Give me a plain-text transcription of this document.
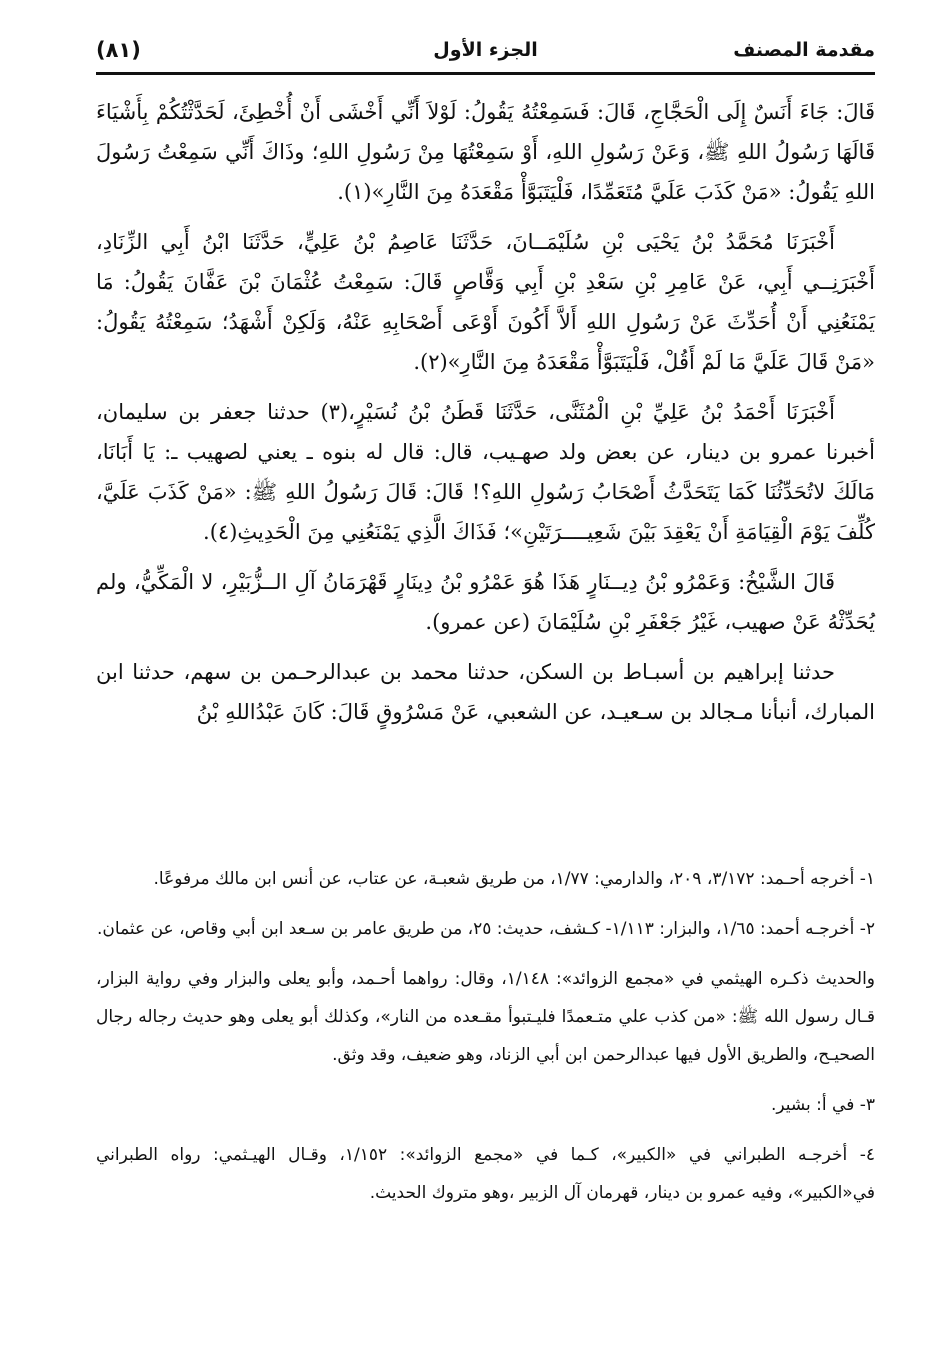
مقدمة المصنف
الجزء الأول
(٨١)

قَالَ: جَاءَ أَنَسٌ إِلَى الْحَجَّاجِ، قَالَ: فَسَمِعْتُهُ يَقُولُ: لَوْلاَ أَنِّي أَخْشَى أَنْ أُخْطِئَ، لَحَدَّثْتُكُمْ بِأَشْيَاءَ قَالَهَا رَسُولُ اللهِ ﷺ، وَعَنْ رَسُولِ اللهِ، أَوْ سَمِعْتُهَا مِنْ رَسُولِ اللهِ؛ وذَاكَ أَنِّي سَمِعْتُ رَسُولَ اللهِ يَقُولُ: «مَنْ كَذَبَ عَلَيَّ مُتَعَمِّدًا، فَلْيَتَبَوَّأْ مَقْعَدَهُ مِنَ النَّارِ»(١).

أَخْبَرَنَا مُحَمَّدُ بْنُ يَحْيَى بْنِ سُلَيْمَــانَ، حَدَّثَنَا عَاصِمُ بْنُ عَلِيٍّ، حَدَّثَنَا ابْنُ أَبِي الزِّنَادِ، أَخْبَرَنِــي أَبِي، عَنْ عَامِرِ بْنِ سَعْدِ بْنِ أَبِي وَقَّاصٍ قَالَ: سَمِعْتُ عُثْمَانَ بْنَ عَفَّانَ يَقُولُ: مَا يَمْنَعُنِي أَنْ أُحَدِّثَ عَنْ رَسُولِ اللهِ أَلاَّ أَكُونَ أَوْعَى أَصْحَابِهِ عَنْهُ، وَلَكِنْ أَشْهَدُ؛ سَمِعْتُهُ يَقُولُ: «مَنْ قَالَ عَلَيَّ مَا لَمْ أَقُلْ، فَلْيَتَبَوَّأْ مَقْعَدَهُ مِنَ النَّارِ»(٢).

أَخْبَرَنَا أَحْمَدُ بْنُ عَلِيِّ بْنِ الْمُثَنَّى، حَدَّثَنَا قَطَنُ بْنُ نُسَيْرٍ،(٣) حدثنا جعفر بن سليمان، أخبرنا عمرو بن دينار، عن بعض ولد صهـيب، قال: قال له بنوه ـ يعني لصهيب ـ: يَا أَبَانَا، مَالَكَ لاتُحَدِّثُنَا كَمَا يَتَحَدَّثُ أَصْحَابُ رَسُولِ اللهِ؟! قَالَ: قَالَ رَسُولُ اللهِ ﷺ: «مَنْ كَذَبَ عَلَيَّ، كُلِّفَ يَوْمَ الْقِيَامَةِ أَنْ يَعْقِدَ بَيْنَ شَعِيــــرَتَيْنِ»؛ فَذَاكَ الَّذِي يَمْنَعُنِي مِنَ الْحَدِيثِ(٤).

قَالَ الشَّيْخُ: وَعَمْرُو بْنُ دِيــنَارٍ هَذَا هُوَ عَمْرُو بْنُ دِينَارٍ قَهْرَمَانُ آلِ الــزُّبَيْرِ، لا الْمَكِّيُّ، ولم يُحَدِّثْهُ عَنْ صهيب، غَيْرُ جَعْفَرِ بْنِ سُلَيْمَانَ (عن عمرو).

حدثنا إبراهيم بن أسبـاط بن السكن، حدثنا محمد بن عبدالرحـمن بن سهم، حدثنا ابن المبارك، أنبأنا مـجالد بن سـعيـد، عن الشعبي، عَنْ مَسْرُوقٍ قَالَ: كَانَ عَبْدُاللهِ بْنُ

١- أخرجه أحـمد: ٣/١٧٢، ٢٠٩، والدارمي: ١/٧٧، من طريق شعبـة، عن عتاب، عن أنس ابن مالك مرفوعًا.

٢- أخرجـه أحمد: ١/٦٥، والبزار: ١/١١٣- كـشف، حديث: ٢٥، من طريق عامر بن سـعد ابن أبي وقاص، عن عثمان.

والحديث ذكـره الهيثمي في «مجمع الزوائد»: ١/١٤٨، وقال: رواهما أحـمد، وأبو يعلى والبزار وفي رواية البزار، قـال رسول الله ﷺ: «من كذب علي متـعمدًا فليـتبوأ مقـعده من النار»، وكذلك أبو يعلى وهو حديث رجاله رجال الصحيـح، والطريق الأول فيها عبدالرحمن ابن أبي الزناد، وهو ضعيف، وقد وثق.

٣- في أ: بشير.

٤- أخرجـه الطبراني في «الكبير»، كـما في «مجمع الزوائد»: ١/١٥٢، وقـال الهيـثمي: رواه الطبراني في«الكبير»، وفيه عمرو بن دينار، قهرمان آل الزبير ،وهو متروك الحديث.
